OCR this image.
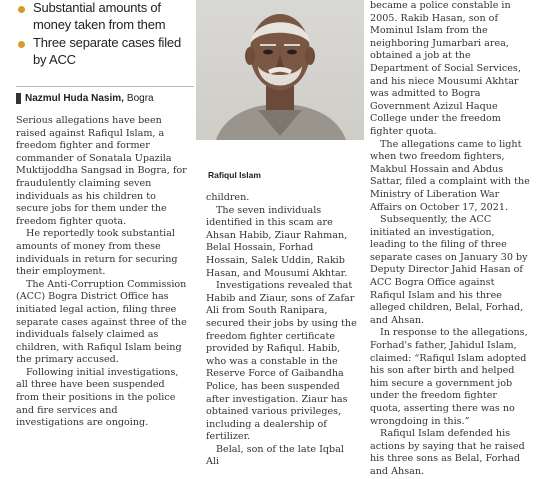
Substantial amounts of money taken from them
Three separate cases filed by ACC
Nazmul Huda Nasim, Bogra
Rafiqul Islam

Serious allegations have been raised against Rafiqul Islam, a freedom fighter and former commander of Sonatala Upazila Muktijoddha Sangsad in Bogra, for fraudulently claiming seven individuals as his children to secure jobs for them under the freedom fighter quota.

He reportedly took substantial amounts of money from these individuals in return for securing their employment.

The Anti-Corruption Commission (ACC) Bogra District Office has initiated legal action, filing three separate cases against three of the individuals falsely claimed as children, with Rafiqul Islam being the primary accused.

Following initial investigations, all three have been suspended from their positions in the police and fire services and investigations are ongoing.

children.

The seven individuals identified in this scam are Ahsan Habib, Ziaur Rahman, Belal Hossain, Forhad Hossain, Salek Uddin, Rakib Hasan, and Mousumi Akhtar.

Investigations revealed that Habib and Ziaur, sons of Zafar Ali from South Ranipara, secured their jobs by using the freedom fighter certificate provided by Rafiqul. Habib, who was a constable in the Reserve Force of Gaibandha Police, has been suspended after investigation. Ziaur has obtained various privileges, including a dealership of fertilizer.

Belal, son of the late Iqbal Ali

became a police constable in 2005. Rakib Hasan, son of Mominul Islam from the neighboring Jumarbari area, obtained a job at the Department of Social Services, and his niece Mousumi Akhtar was admitted to Bogra Government Azizul Haque College under the freedom fighter quota.

The allegations came to light when two freedom fighters, Makbul Hossain and Abdus Sattar, filed a complaint with the Ministry of Liberation War Affairs on October 17, 2021.

Subsequently, the ACC initiated an investigation, leading to the filing of three separate cases on January 30 by Deputy Director Jahid Hasan of ACC Bogra Office against Rafiqul Islam and his three alleged children, Belal, Forhad, and Ahsan.

In response to the allegations, Forhad's father, Jahidul Islam, claimed: “Rafiqul Islam adopted his son after birth and helped him secure a government job under the freedom fighter quota, asserting there was no wrongdoing in this.”

Rafiqul Islam defended his actions by saying that he raised his three sons as Belal, Forhad and Ahsan.
